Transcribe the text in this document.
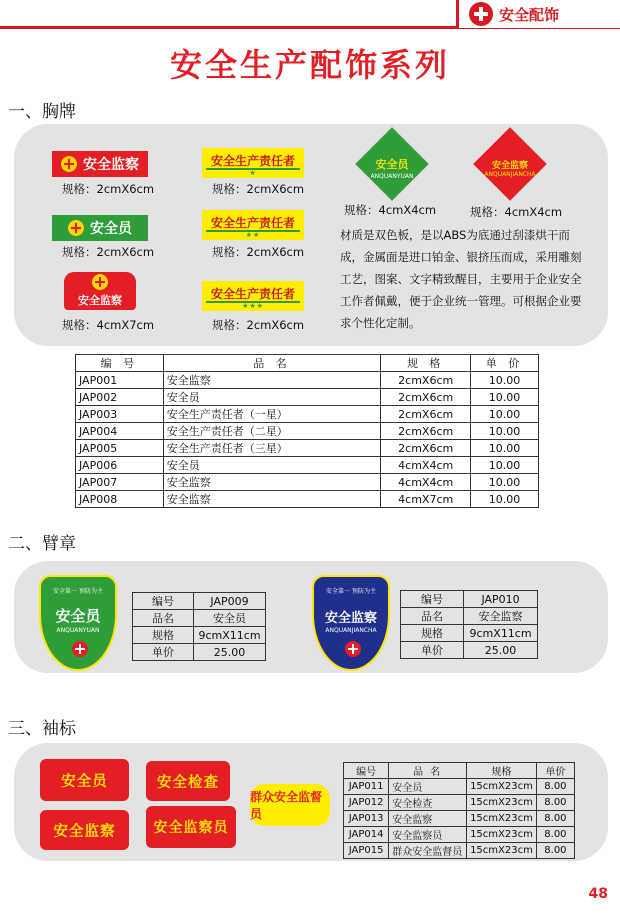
安全配饰
安全生产配饰系列
一、胸牌
安全监察
规格：2cmX6cm
安全生产责任者
★
规格：2cmX6cm
安全员
规格：2cmX6cm
安全生产责任者
★★
规格：2cmX6cm
安全监察
规格：4cmX7cm
安全生产责任者
★★★
规格：2cmX6cm
安全员
ANQUANYUAN
规格：4cmX4cm
安全监察
ANQUANJIANCHA
规格：4cmX4cm
材质是双色板，是以ABS为底通过刮漆烘干而成，金属面是进口铂金、银挤压而成，采用雕刻工艺，图案、文字精致醒目，主要用于企业安全工作者佩戴，便于企业统一管理。可根据企业要求个性化定制。
编 号	品 名	规 格	单 价
JAP001	安全监察	2cmX6cm	10.00
JAP002	安全员	2cmX6cm	10.00
JAP003	安全生产责任者（一星）	2cmX6cm	10.00
JAP004	安全生产责任者（二星）	2cmX6cm	10.00
JAP005	安全生产责任者（三星）	2cmX6cm	10.00
JAP006	安全员	4cmX4cm	10.00
JAP007	安全监察	4cmX4cm	10.00
JAP008	安全监察	4cmX7cm	10.00
二、臂章
安全第一 预防为主
安全员
ANQUANYUAN
编号	JAP009
品名	安全员
规格	9cmX11cm
单价	25.00
安全第一 预防为主
安全监察
ANQUANJIANCHA
编号	JAP010
品名	安全监察
规格	9cmX11cm
单价	25.00
三、袖标
安全员	安全检查
安全监察	安全监察员
群众安全监督员
编号	品 名	规格	单价
JAP011	安全员	15cmX23cm	8.00
JAP012	安全检查	15cmX23cm	8.00
JAP013	安全监察	15cmX23cm	8.00
JAP014	安全监察员	15cmX23cm	8.00
JAP015	群众安全监督员	15cmX23cm	8.00
48
